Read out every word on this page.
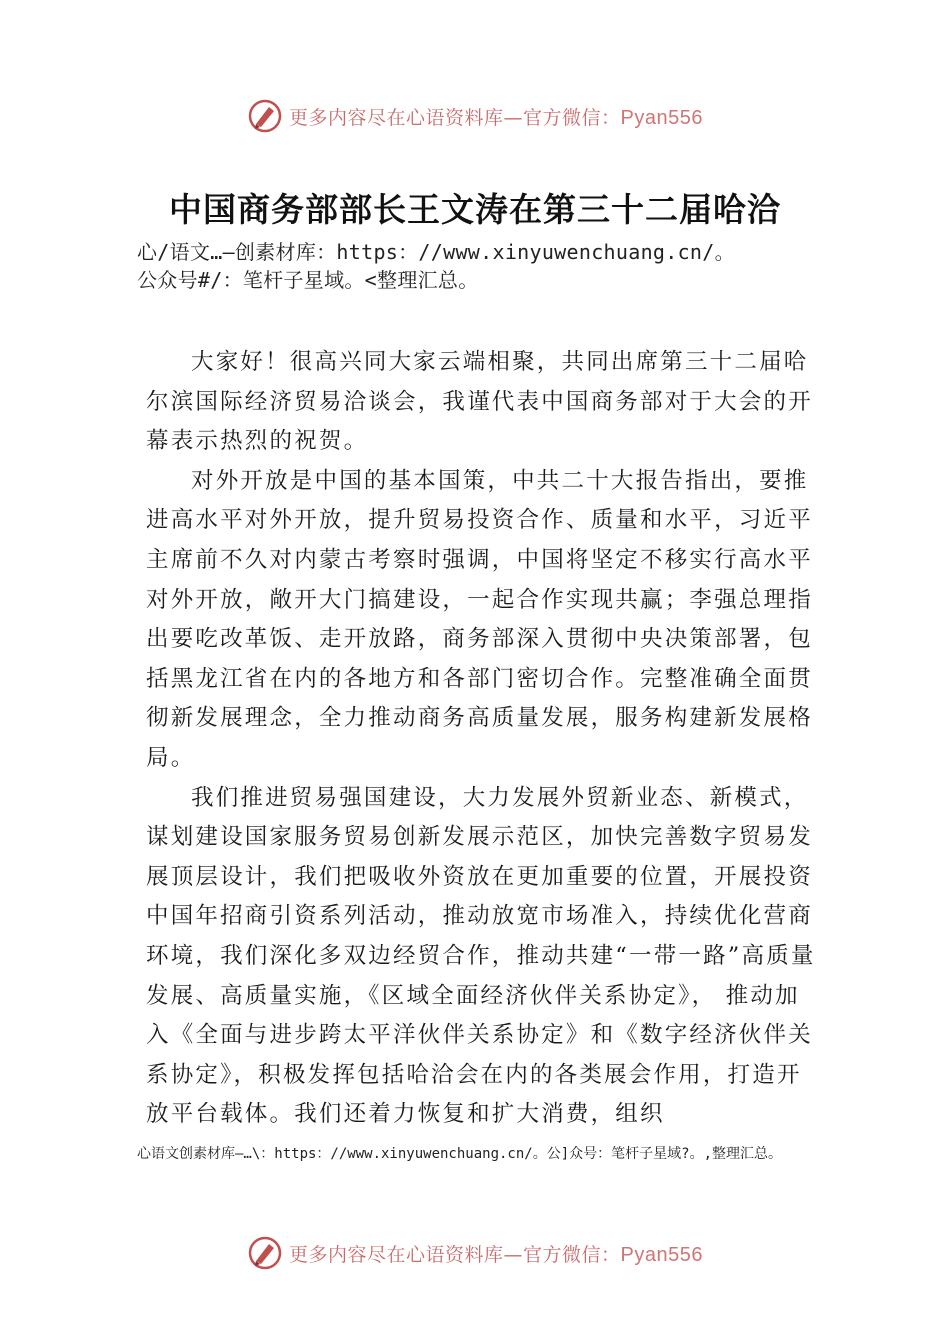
更多内容尽在心语资料库—官方微信：Pyan556
中国商务部部长王文涛在第三十二届哈洽
心/语文…—创素材库：https：//www.xinyuwenchuang.cn/。
公众号#/：笔杆子星域。<整理汇总。

大家好！很高兴同大家云端相聚，共同出席第三十二届哈尔滨国际经济贸易洽谈会，我谨代表中国商务部对于大会的开幕表示热烈的祝贺。

对外开放是中国的基本国策，中共二十大报告指出，要推进高水平对外开放，提升贸易投资合作、质量和水平，习近平主席前不久对内蒙古考察时强调，中国将坚定不移实行高水平对外开放，敞开大门搞建设，一起合作实现共赢；李强总理指出要吃改革饭、走开放路，商务部深入贯彻中央决策部署，包括黑龙江省在内的各地方和各部门密切合作。完整准确全面贯彻新发展理念，全力推动商务高质量发展，服务构建新发展格局。

我们推进贸易强国建设，大力发展外贸新业态、新模式，谋划建设国家服务贸易创新发展示范区，加快完善数字贸易发展顶层设计，我们把吸收外资放在更加重要的位置，开展投资中国年招商引资系列活动，推动放宽市场准入，持续优化营商环境，我们深化多双边经贸合作，推动共建“一带一路”高质量发展、高质量实施，《区域全面经济伙伴关系协定》， 推动加入《全面与进步跨太平洋伙伴关系协定》和《数字经济伙伴关系协定》，积极发挥包括哈洽会在内的各类展会作用，打造开放平台载体。我们还着力恢复和扩大消费，组织

心语文创素材库—…\：https：//www.xinyuwenchuang.cn/。公]众号：笔杆子星域?。,整理汇总。
更多内容尽在心语资料库—官方微信：Pyan556
